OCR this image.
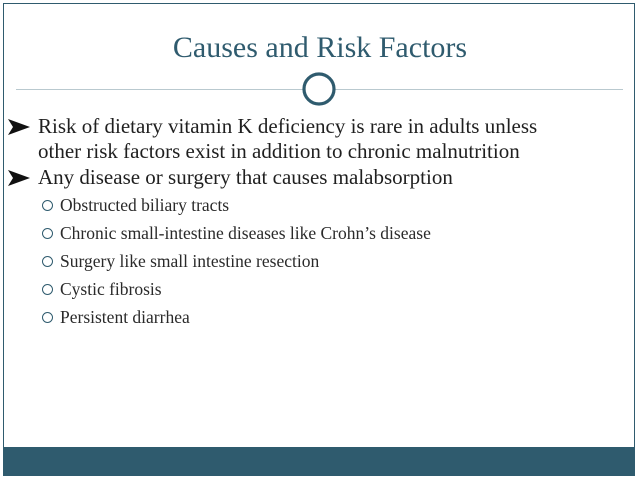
Causes and Risk Factors
Risk of dietary vitamin K deficiency is rare in adults unless
other risk factors exist in addition to chronic malnutrition
Any disease or surgery that causes malabsorption
Obstructed biliary tracts
Chronic small-intestine diseases like Crohn’s disease
Surgery like small intestine resection
Cystic fibrosis
Persistent diarrhea
